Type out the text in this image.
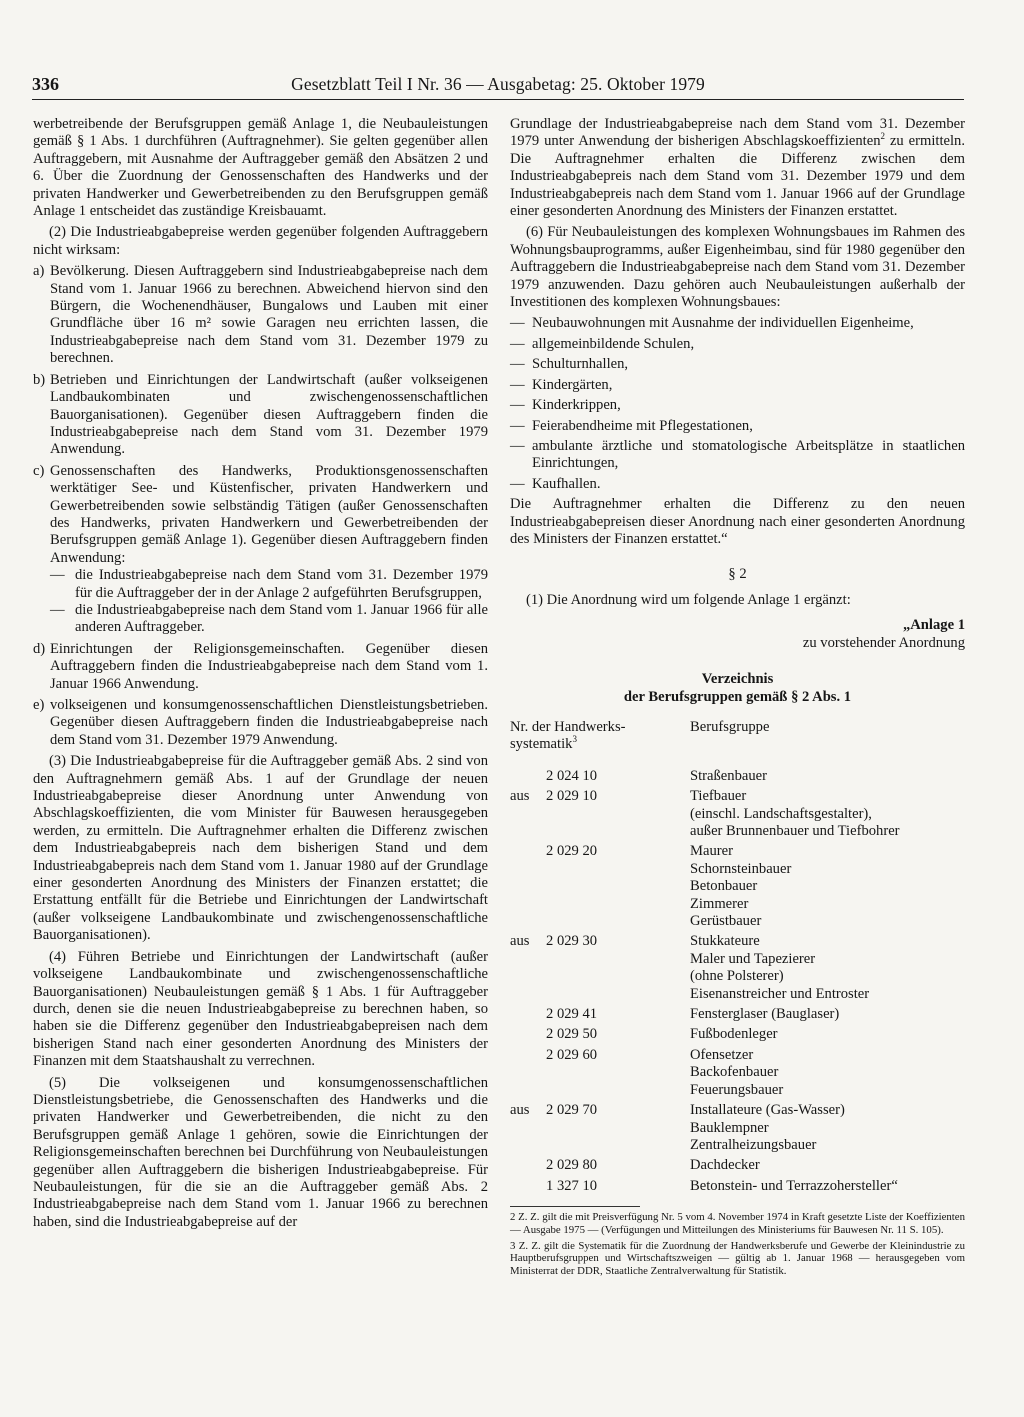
Gesetzblatt Teil I Nr. 36 — Ausgabetag: 25. Oktober 1979
336

werbetreibende der Berufsgruppen gemäß Anlage 1, die Neubauleistungen gemäß § 1 Abs. 1 durchführen (Auftragnehmer). Sie gelten gegenüber allen Auftraggebern, mit Ausnahme der Auftraggeber gemäß den Absätzen 2 und 6. Über die Zuordnung der Genossenschaften des Handwerks und der privaten Handwerker und Gewerbetreibenden zu den Berufsgruppen gemäß Anlage 1 entscheidet das zuständige Kreisbauamt.

(2) Die Industrieabgabepreise werden gegenüber folgenden Auftraggebern nicht wirksam:

a) Bevölkerung. Diesen Auftraggebern sind Industrieabgabepreise nach dem Stand vom 1. Januar 1966 zu berechnen. Abweichend hiervon sind den Bürgern, die Wochenendhäuser, Bungalows und Lauben mit einer Grundfläche über 16 m² sowie Garagen neu errichten lassen, die Industrieabgabepreise nach dem Stand vom 31. Dezember 1979 zu berechnen.
b) Betrieben und Einrichtungen der Landwirtschaft (außer volkseigenen Landbaukombinaten und zwischengenossenschaftlichen Bauorganisationen). Gegenüber diesen Auftraggebern finden die Industrieabgabepreise nach dem Stand vom 31. Dezember 1979 Anwendung.
c) Genossenschaften des Handwerks, Produktionsgenossenschaften werktätiger See- und Küstenfischer, privaten Handwerkern und Gewerbetreibenden sowie selbständig Tätigen (außer Genossenschaften des Handwerks, privaten Handwerkern und Gewerbetreibenden der Berufsgruppen gemäß Anlage 1). Gegenüber diesen Auftraggebern finden Anwendung:
— die Industrieabgabepreise nach dem Stand vom 31. Dezember 1979 für die Auftraggeber der in der Anlage 2 aufgeführten Berufsgruppen,
— die Industrieabgabepreise nach dem Stand vom 1. Januar 1966 für alle anderen Auftraggeber.
d) Einrichtungen der Religionsgemeinschaften. Gegenüber diesen Auftraggebern finden die Industrieabgabepreise nach dem Stand vom 1. Januar 1966 Anwendung.
e) volkseigenen und konsumgenossenschaftlichen Dienstleistungsbetrieben. Gegenüber diesen Auftraggebern finden die Industrieabgabepreise nach dem Stand vom 31. Dezember 1979 Anwendung.

(3) Die Industrieabgabepreise für die Auftraggeber gemäß Abs. 2 sind von den Auftragnehmern gemäß Abs. 1 auf der Grundlage der neuen Industrieabgabepreise dieser Anordnung unter Anwendung von Abschlagskoeffizienten, die vom Minister für Bauwesen herausgegeben werden, zu ermitteln. Die Auftragnehmer erhalten die Differenz zwischen dem Industrieabgabepreis nach dem bisherigen Stand und dem Industrieabgabepreis nach dem Stand vom 1. Januar 1980 auf der Grundlage einer gesonderten Anordnung des Ministers der Finanzen erstattet; die Erstattung entfällt für die Betriebe und Einrichtungen der Landwirtschaft (außer volkseigene Landbaukombinate und zwischengenossenschaftliche Bauorganisationen).

(4) Führen Betriebe und Einrichtungen der Landwirtschaft (außer volkseigene Landbaukombinate und zwischengenossenschaftliche Bauorganisationen) Neubauleistungen gemäß § 1 Abs. 1 für Auftraggeber durch, denen sie die neuen Industrieabgabepreise zu berechnen haben, so haben sie die Differenz gegenüber den Industrieabgabepreisen nach dem bisherigen Stand nach einer gesonderten Anordnung des Ministers der Finanzen mit dem Staatshaushalt zu verrechnen.

(5) Die volkseigenen und konsumgenossenschaftlichen Dienstleistungsbetriebe, die Genossenschaften des Handwerks und die privaten Handwerker und Gewerbetreibenden, die nicht zu den Berufsgruppen gemäß Anlage 1 gehören, sowie die Einrichtungen der Religionsgemeinschaften berechnen bei Durchführung von Neubauleistungen gegenüber allen Auftraggebern die bisherigen Industrieabgabepreise. Für Neubauleistungen, für die sie an die Auftraggeber gemäß Abs. 2 Industrieabgabepreise nach dem Stand vom 1. Januar 1966 zu berechnen haben, sind die Industrieabgabepreise auf der

Grundlage der Industrieabgabepreise nach dem Stand vom 31. Dezember 1979 unter Anwendung der bisherigen Abschlagskoeffizienten$^2$ zu ermitteln. Die Auftragnehmer erhalten die Differenz zwischen dem Industrieabgabepreis nach dem Stand vom 31. Dezember 1979 und dem Industrieabgabepreis nach dem Stand vom 1. Januar 1966 auf der Grundlage einer gesonderten Anordnung des Ministers der Finanzen erstattet.

(6) Für Neubauleistungen des komplexen Wohnungsbaues im Rahmen des Wohnungsbauprogramms, außer Eigenheimbau, sind für 1980 gegenüber den Auftraggebern die Industrieabgabepreise nach dem Stand vom 31. Dezember 1979 anzuwenden. Dazu gehören auch Neubauleistungen außerhalb der Investitionen des komplexen Wohnungsbaues:

— Neubauwohnungen mit Ausnahme der individuellen Eigenheime,
— allgemeinbildende Schulen,
— Schulturnhallen,
— Kindergärten,
— Kinderkrippen,
— Feierabendheime mit Pflegestationen,
— ambulante ärztliche und stomatologische Arbeitsplätze in staatlichen Einrichtungen,
— Kaufhallen.

Die Auftragnehmer erhalten die Differenz zu den neuen Industrieabgabepreisen dieser Anordnung nach einer gesonderten Anordnung des Ministers der Finanzen erstattet.“

§ 2

(1) Die Anordnung wird um folgende Anlage 1 ergänzt:

„Anlage 1
zu vorstehender Anordnung
Verzeichnis
der Berufsgruppen gemäß § 2 Abs. 1
Nr. der Handwerks-systematik$^3$		Berufsgruppe
	2 024 10	Straßenbauer

aus	2 029 10	Tiefbauer
(einschl. Landschaftsgestalter),
außer Brunnenbauer und Tiefbohrer

	2 029 20	Maurer
Schornsteinbauer
Betonbauer
Zimmerer
Gerüstbauer

aus	2 029 30	Stukkateure
Maler und Tapezierer
(ohne Polsterer)
Eisenanstreicher und Entroster

	2 029 41	Fensterglaser (Bauglaser)

	2 029 50	Fußbodenleger

	2 029 60	Ofensetzer
Backofenbauer
Feuerungsbauer

aus	2 029 70	Installateure (Gas-Wasser)
Bauklempner
Zentralheizungsbauer

	2 029 80	Dachdecker

	1 327 10	Betonstein- und Terrazzohersteller“

2 Z. Z. gilt die mit Preisverfügung Nr. 5 vom 4. November 1974 in Kraft gesetzte Liste der Koeffizienten — Ausgabe 1975 — (Verfügungen und Mitteilungen des Ministeriums für Bauwesen Nr. 11 S. 105).

3 Z. Z. gilt die Systematik für die Zuordnung der Handwerksberufe und Gewerbe der Kleinindustrie zu Hauptberufsgruppen und Wirtschaftszweigen — gültig ab 1. Januar 1968 — herausgegeben vom Ministerrat der DDR, Staatliche Zentralverwaltung für Statistik.
